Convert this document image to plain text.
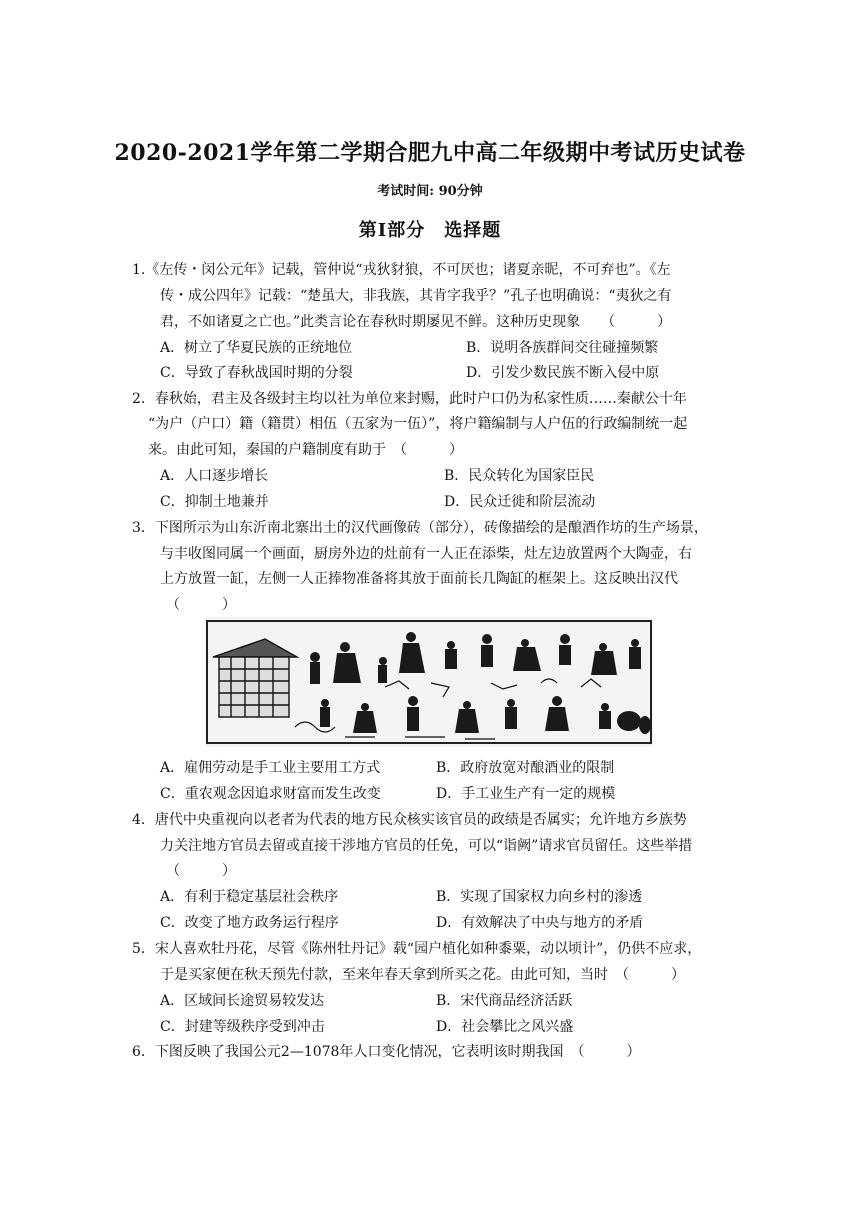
2020-2021学年第二学期合肥九中高二年级期中考试历史试卷
考试时间: 90分钟
第Ⅰ部分　选择题
1.《左传・闵公元年》记载，管仲说“戎狄豺狼，不可厌也；诸夏亲昵，不可弃也”。《左
传・成公四年》记载：“楚虽大，非我族，其肯字我乎？”孔子也明确说：“夷狄之有
君，不如诸夏之亡也。”此类言论在春秋时期屡见不鲜。这种历史现象　　（　　　）
A．树立了华夏民族的正统地位	B．说明各族群间交往碰撞频繁
C．导致了春秋战国时期的分裂	D．引发少数民族不断入侵中原
2．春秋始，君主及各级封主均以社为单位来封赐，此时户口仍为私家性质……秦献公十年
“为户（户口）籍（籍贯）相伍（五家为一伍）”，将户籍编制与人户伍的行政编制统一起
来。由此可知，秦国的户籍制度有助于　（　　　）
A．人口逐步增长	B．民众转化为国家臣民
C．抑制土地兼并	D．民众迁徙和阶层流动
3．下图所示为山东沂南北寨出土的汉代画像砖（部分），砖像描绘的是酿酒作坊的生产场景，
与丰收图同属一个画面，厨房外边的灶前有一人正在添柴，灶左边放置两个大陶壶，右
上方放置一缸，左侧一人正捧物准备将其放于面前长几陶缸的框架上。这反映出汉代
（　　　）
A．雇佣劳动是手工业主要用工方式	B．政府放宽对酿酒业的限制
C．重农观念因追求财富而发生改变	D．手工业生产有一定的规模
4．唐代中央重视向以老者为代表的地方民众核实该官员的政绩是否属实；允许地方乡族势
力关注地方官员去留或直接干涉地方官员的任免，可以“诣阙”请求官员留任。这些举措
（　　　）
A．有利于稳定基层社会秩序	B．实现了国家权力向乡村的渗透
C．改变了地方政务运行程序	D．有效解决了中央与地方的矛盾
5．宋人喜欢牡丹花，尽管《陈州牡丹记》载“园户植化如种黍粟，动以顷计”，仍供不应求，
于是买家便在秋天预先付款，至来年春天拿到所买之花。由此可知，当时　（　　　）
A．区域间长途贸易较发达	B．宋代商品经济活跃
C．封建等级秩序受到冲击	D．社会攀比之风兴盛
6．下图反映了我国公元2—1078年人口变化情况，它表明该时期我国　（　　　）
